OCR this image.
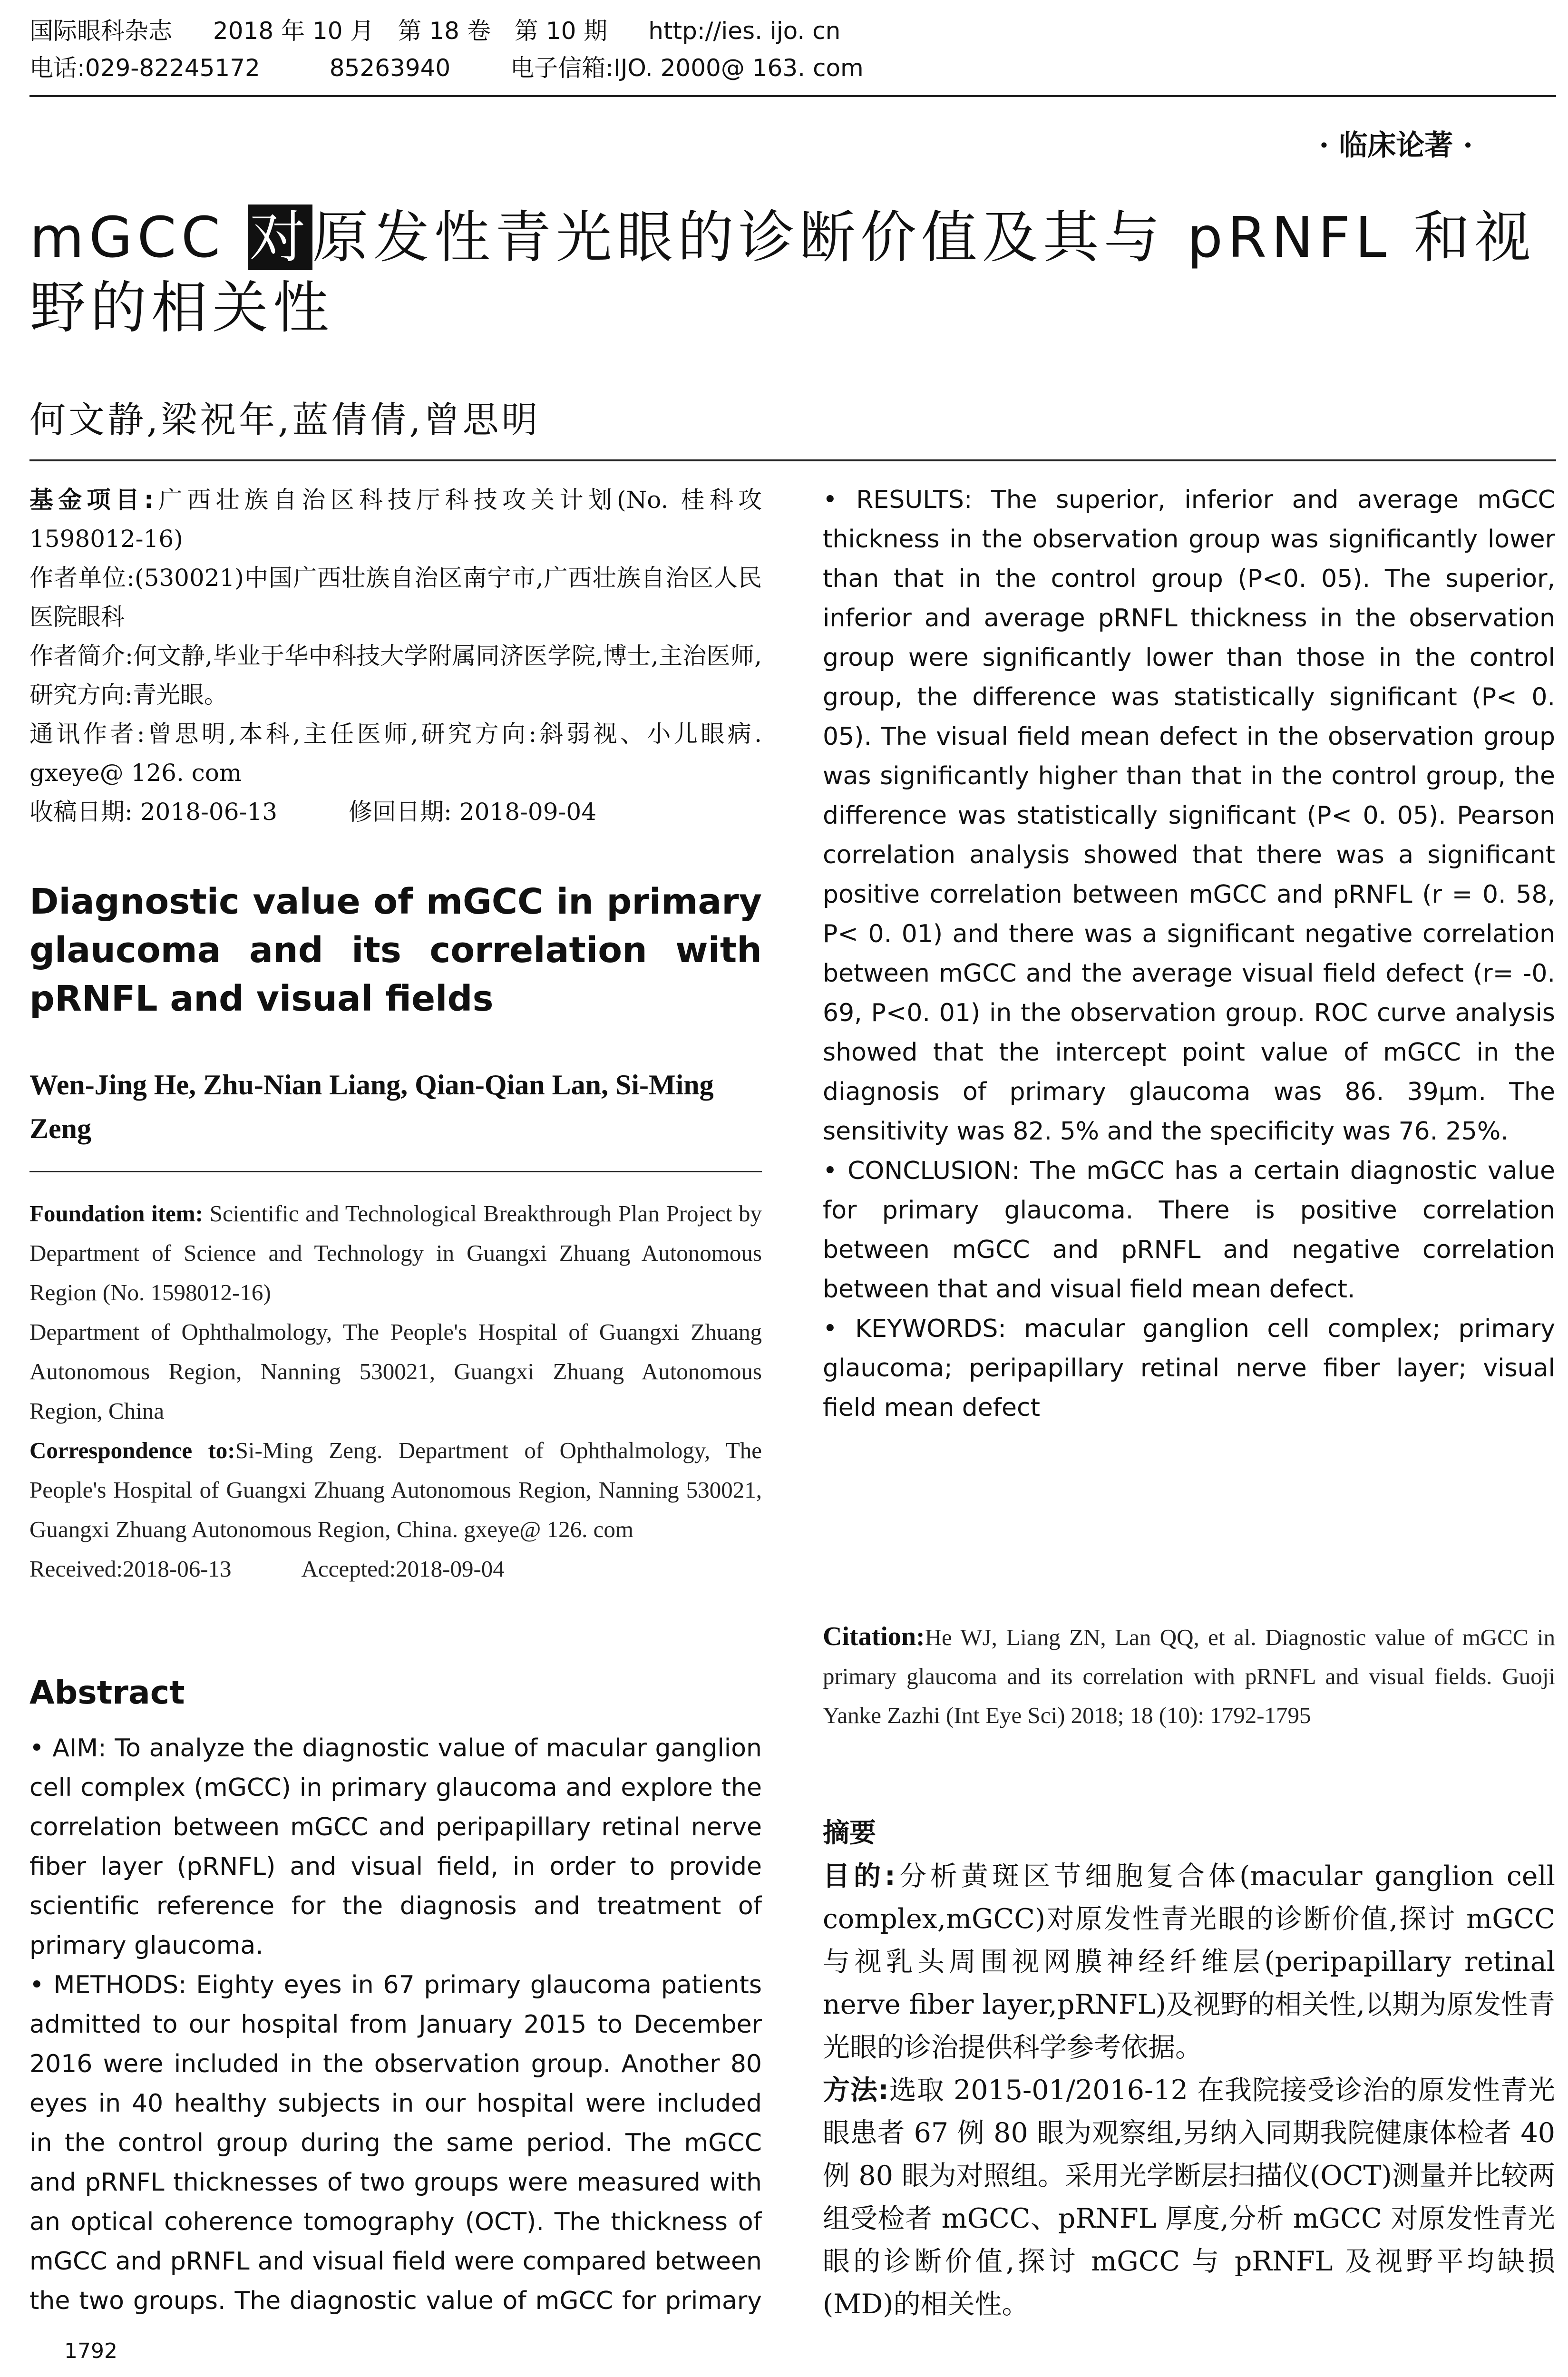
国际眼科杂志 2018 年 10 月　第 18 卷　第 10 期 http://ies. ijo. cn
电话:029-82245172	85263940	电子信箱:IJO. 2000@ 163. com
· 临床论著 ·
mGCC 对原发性青光眼的诊断价值及其与 pRNFL 和视
野的相关性
何文静,梁祝年,蓝倩倩,曾思明

基金项目:广西壮族自治区科技厅科技攻关计划(No. 桂科攻 1598012-16)

作者单位:(530021)中国广西壮族自治区南宁市,广西壮族自治区人民医院眼科

作者简介:何文静,毕业于华中科技大学附属同济医学院,博士,主治医师,研究方向:青光眼。

通讯作者:曾思明,本科,主任医师,研究方向:斜弱视、小儿眼病. gxeye@ 126. com

收稿日期: 2018-06-13　　　修回日期: 2018-09-04

Diagnostic value of mGCC in primary glaucoma and its correlation with pRNFL and visual fields
Wen-Jing He, Zhu-Nian Liang, Qian-Qian Lan, Si-Ming Zeng

Foundation item: Scientific and Technological Breakthrough Plan Project by Department of Science and Technology in Guangxi Zhuang Autonomous Region (No. 1598012-16)

Department of Ophthalmology, The People's Hospital of Guangxi Zhuang Autonomous Region, Nanning 530021, Guangxi Zhuang Autonomous Region, China

Correspondence to:Si-Ming Zeng. Department of Ophthalmology, The People's Hospital of Guangxi Zhuang Autonomous Region, Nanning 530021, Guangxi Zhuang Autonomous Region, China. gxeye@ 126. com

Received:2018-06-13　　　Accepted:2018-09-04

Abstract

• AIM: To analyze the diagnostic value of macular ganglion cell complex (mGCC) in primary glaucoma and explore the correlation between mGCC and peripapillary retinal nerve fiber layer (pRNFL) and visual field, in order to provide scientific reference for the diagnosis and treatment of primary glaucoma.

• METHODS: Eighty eyes in 67 primary glaucoma patients admitted to our hospital from January 2015 to December 2016 were included in the observation group. Another 80 eyes in 40 healthy subjects in our hospital were included in the control group during the same period. The mGCC and pRNFL thicknesses of two groups were measured with an optical coherence tomography (OCT). The thickness of mGCC and pRNFL and visual field were compared between the two groups. The diagnostic value of mGCC for primary

1792

• RESULTS: The superior, inferior and average mGCC thickness in the observation group was significantly lower than that in the control group (P<0. 05). The superior, inferior and average pRNFL thickness in the observation group were significantly lower than those in the control group, the difference was statistically significant (P< 0. 05). The visual field mean defect in the observation group was significantly higher than that in the control group, the difference was statistically significant (P< 0. 05). Pearson correlation analysis showed that there was a significant positive correlation between mGCC and pRNFL (r = 0. 58, P< 0. 01) and there was a significant negative correlation between mGCC and the average visual field defect (r= -0. 69, P<0. 01) in the observation group. ROC curve analysis showed that the intercept point value of mGCC in the diagnosis of primary glaucoma was 86. 39μm. The sensitivity was 82. 5% and the specificity was 76. 25%.

• CONCLUSION: The mGCC has a certain diagnostic value for primary glaucoma. There is positive correlation between mGCC and pRNFL and negative correlation between that and visual field mean defect.

• KEYWORDS: macular ganglion cell complex; primary glaucoma; peripapillary retinal nerve fiber layer; visual field mean defect

Citation:He WJ, Liang ZN, Lan QQ, et al. Diagnostic value of mGCC in primary glaucoma and its correlation with pRNFL and visual fields. Guoji Yanke Zazhi (Int Eye Sci) 2018; 18 (10): 1792-1795
摘要

目的:分析黄斑区节细胞复合体(macular ganglion cell complex,mGCC)对原发性青光眼的诊断价值,探讨 mGCC 与视乳头周围视网膜神经纤维层(peripapillary retinal nerve fiber layer,pRNFL)及视野的相关性,以期为原发性青光眼的诊治提供科学参考依据。

方法:选取 2015-01/2016-12 在我院接受诊治的原发性青光眼患者 67 例 80 眼为观察组,另纳入同期我院健康体检者 40 例 80 眼为对照组。采用光学断层扫描仪(OCT)测量并比较两组受检者 mGCC、pRNFL 厚度,分析 mGCC 对原发性青光眼的诊断价值,探讨 mGCC 与 pRNFL 及视野平均缺损(MD)的相关性。
